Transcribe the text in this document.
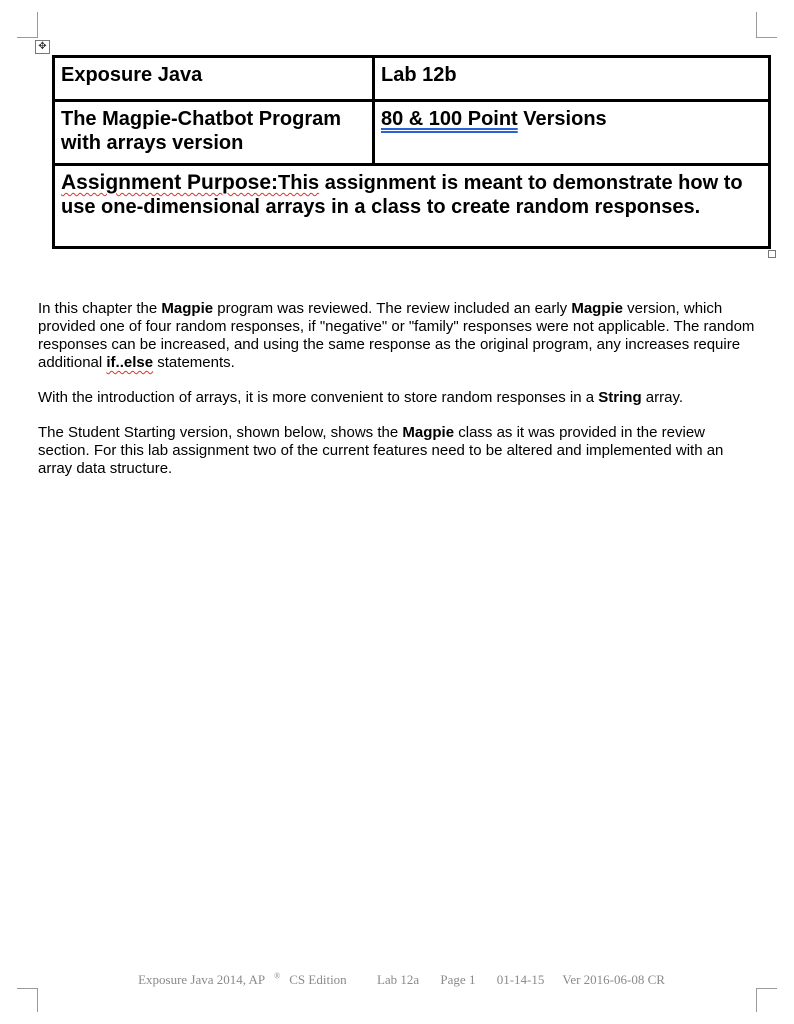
✥
Exposure Java	Lab 12b

The Magpie-Chatbot Program
with arrays version	80 & 100 Point Versions
Assignment Purpose:This assignment is meant to demonstrate how to use one-dimensional arrays in a class to create random responses.	

In this chapter the Magpie program was reviewed. The review included an early Magpie version, which provided one of four random responses, if "negative" or "family" responses were not applicable. The random responses can be increased, and using the same response as the original program, any increases require additional if..else statements.

With the introduction of arrays, it is more convenient to store random responses in a String array.

The Student Starting version, shown below, shows the Magpie class as it was provided in the review section. For this lab assignment two of the current features need to be altered and implemented with an array data structure.

Exposure Java 2014, AP ® CS Edition Lab 12a Page 1 01-14-15 Ver 2016-06-08 CR
